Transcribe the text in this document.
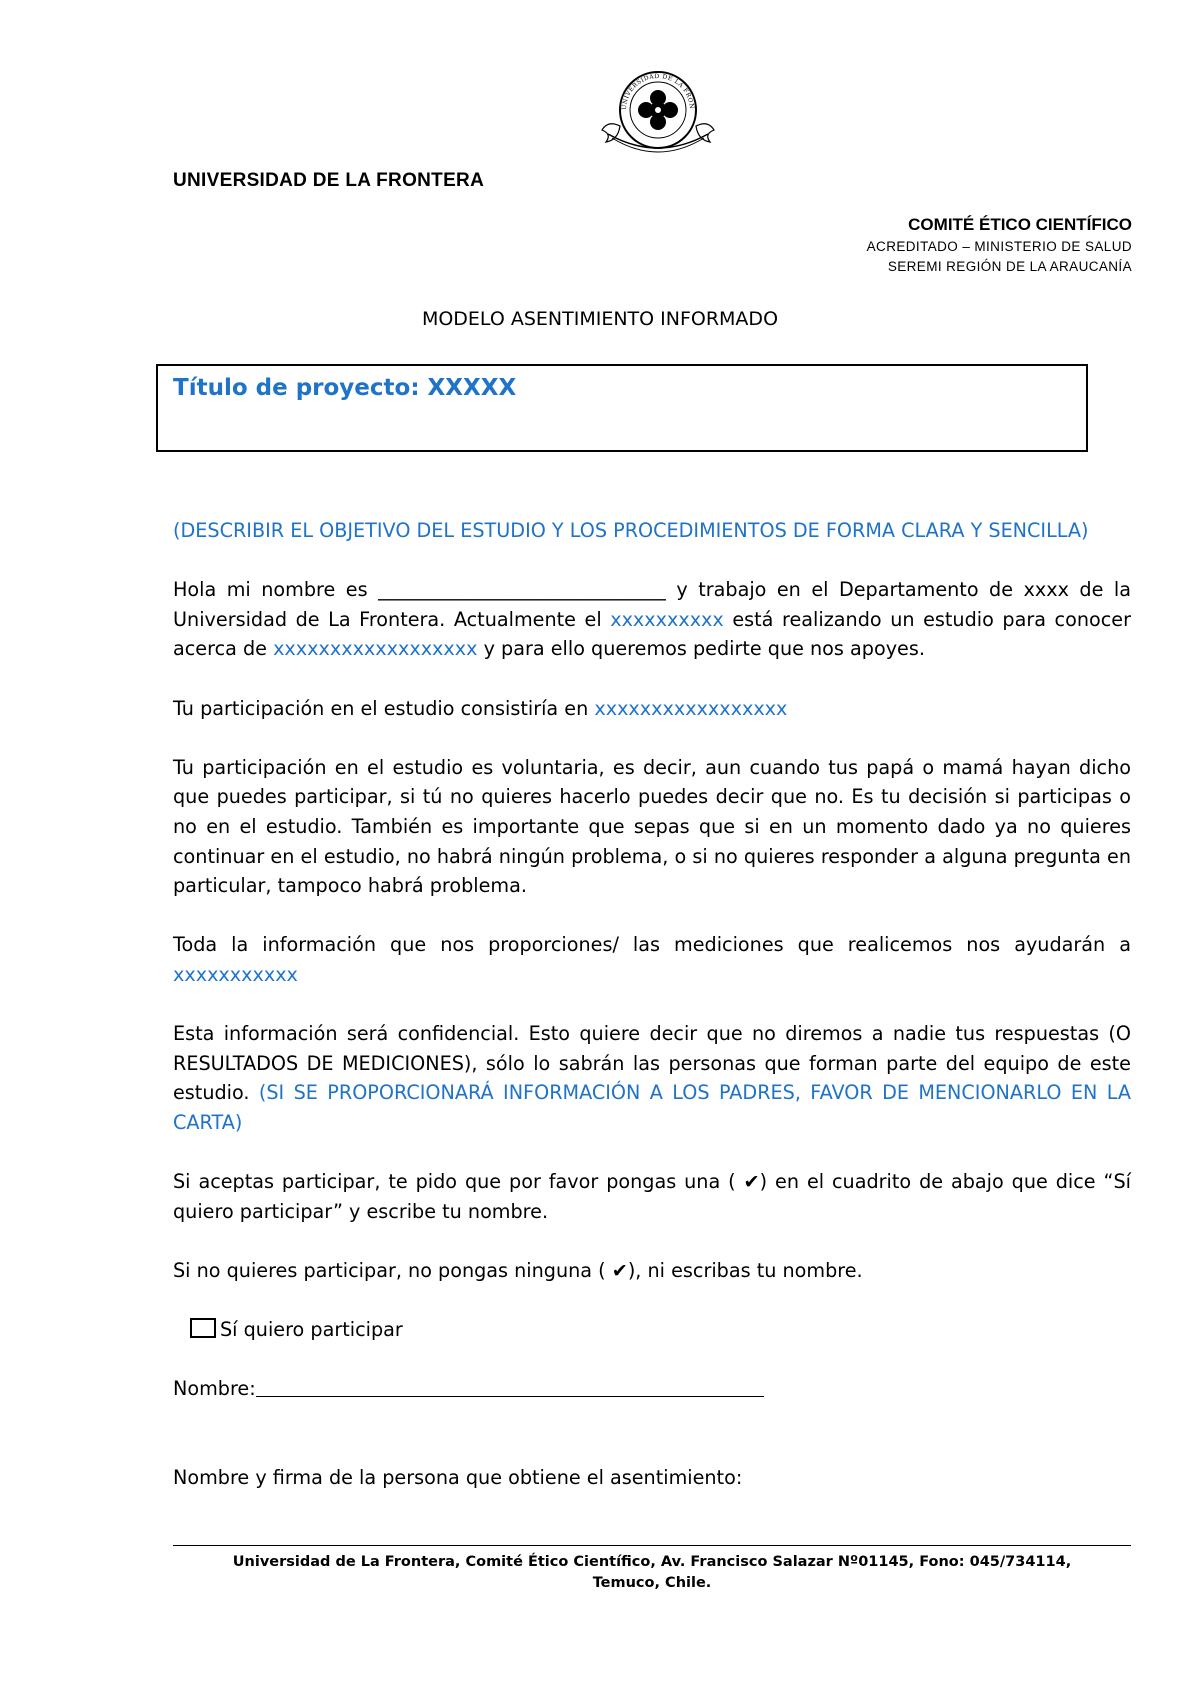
UNIVERSIDAD DE LA FRON
UNIVERSIDAD DE LA FRONTERA
COMITÉ ÉTICO CIENTÍFICO
ACREDITADO – MINISTERIO DE SALUD
SEREMI REGIÓN DE LA ARAUCANÍA
MODELO ASENTIMIENTO INFORMADO
Título de proyecto: XXXXX

(DESCRIBIR EL OBJETIVO DEL ESTUDIO Y LOS PROCEDIMIENTOS DE FORMA CLARA Y SENCILLA)

Hola mi nombre es ______________________________ y trabajo en el Departamento de xxxx de la Universidad de La Frontera. Actualmente el xxxxxxxxxx está realizando un estudio para conocer acerca de xxxxxxxxxxxxxxxxxx y para ello queremos pedirte que nos apoyes.

Tu participación en el estudio consistiría en xxxxxxxxxxxxxxxxx

Tu participación en el estudio es voluntaria, es decir, aun cuando tus papá o mamá hayan dicho que puedes participar, si tú no quieres hacerlo puedes decir que no. Es tu decisión si participas o no en el estudio. También es importante que sepas que si en un momento dado ya no quieres continuar en el estudio, no habrá ningún problema, o si no quieres responder a alguna pregunta en particular, tampoco habrá problema.

Toda la información que nos proporciones/ las mediciones que realicemos nos ayudarán a xxxxxxxxxxx

Esta información será confidencial. Esto quiere decir que no diremos a nadie tus respuestas (O RESULTADOS DE MEDICIONES), sólo lo sabrán las personas que forman parte del equipo de este estudio. (SI SE PROPORCIONARÁ INFORMACIÓN A LOS PADRES, FAVOR DE MENCIONARLO EN LA CARTA)

Si aceptas participar, te pido que por favor pongas una ( ✔) en el cuadrito de abajo que dice “Sí quiero participar” y escribe tu nombre.

Si no quieres participar, no pongas ninguna ( ✔), ni escribas tu nombre.

Sí quiero participar

Nombre:

Nombre y firma de la persona que obtiene el asentimiento:

Universidad de La Frontera, Comité Ético Científico, Av. Francisco Salazar Nº01145, Fono: 045/734114,
Temuco, Chile.
